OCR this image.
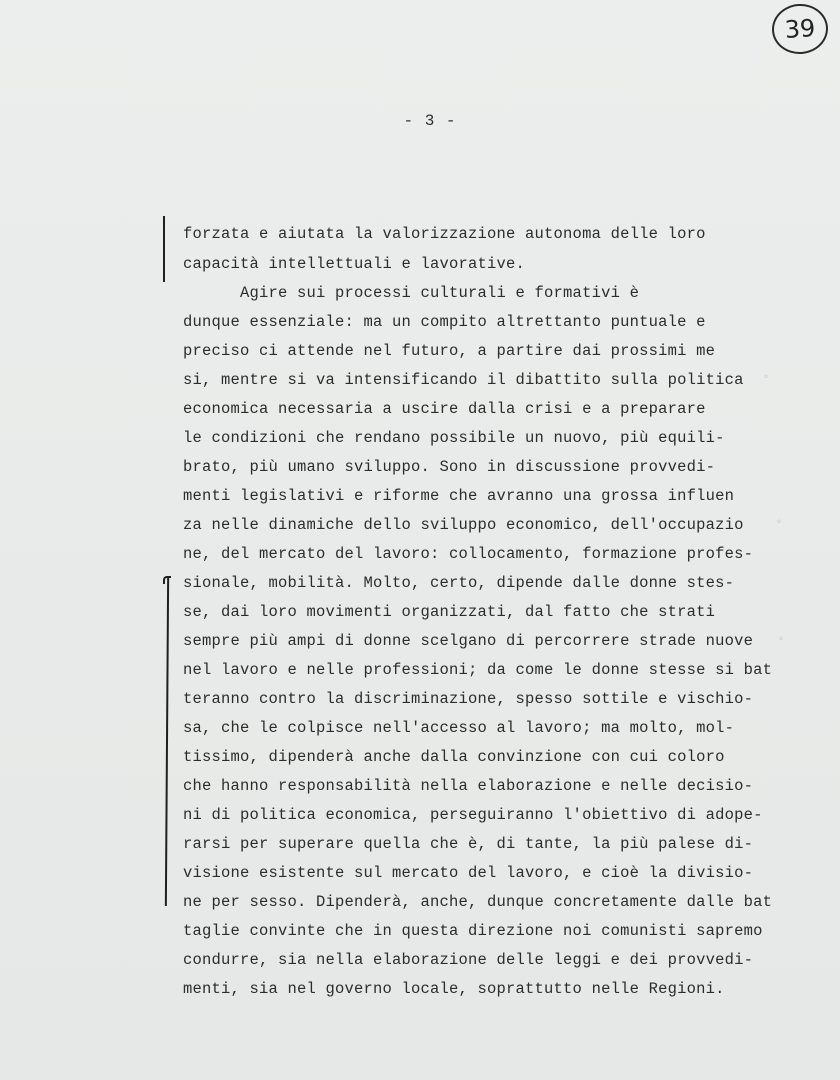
39
- 3 -
◦
◦
◦
forzata e aiutata la valorizzazione autonoma delle loro
capacità intellettuali e lavorative.
Agire sui processi culturali e formativi è
dunque essenziale: ma un compito altrettanto puntuale e
preciso ci attende nel futuro, a partire dai prossimi me
si, mentre si va intensificando il dibattito sulla politica
economica necessaria a uscire dalla crisi e a preparare
le condizioni che rendano possibile un nuovo, più equili-
brato, più umano sviluppo. Sono in discussione provvedi-
menti legislativi e riforme che avranno una grossa influen
za nelle dinamiche dello sviluppo economico, dell'occupazio
ne, del mercato del lavoro: collocamento, formazione profes-
sionale, mobilità. Molto, certo, dipende dalle donne stes-
se, dai loro movimenti organizzati, dal fatto che strati
sempre più ampi di donne scelgano di percorrere strade nuove
nel lavoro e nelle professioni; da come le donne stesse si bat
teranno contro la discriminazione, spesso sottile e vischio-
sa, che le colpisce nell'accesso al lavoro; ma molto, mol-
tissimo, dipenderà anche dalla convinzione con cui coloro
che hanno responsabilità nella elaborazione e nelle decisio-
ni di politica economica, perseguiranno l'obiettivo di adope-
rarsi per superare quella che è, di tante, la più palese di-
visione esistente sul mercato del lavoro, e cioè la divisio-
ne per sesso. Dipenderà, anche, dunque concretamente dalle bat
taglie convinte che in questa direzione noi comunisti sapremo
condurre, sia nella elaborazione delle leggi e dei provvedi-
menti, sia nel governo locale, soprattutto nelle Regioni.
